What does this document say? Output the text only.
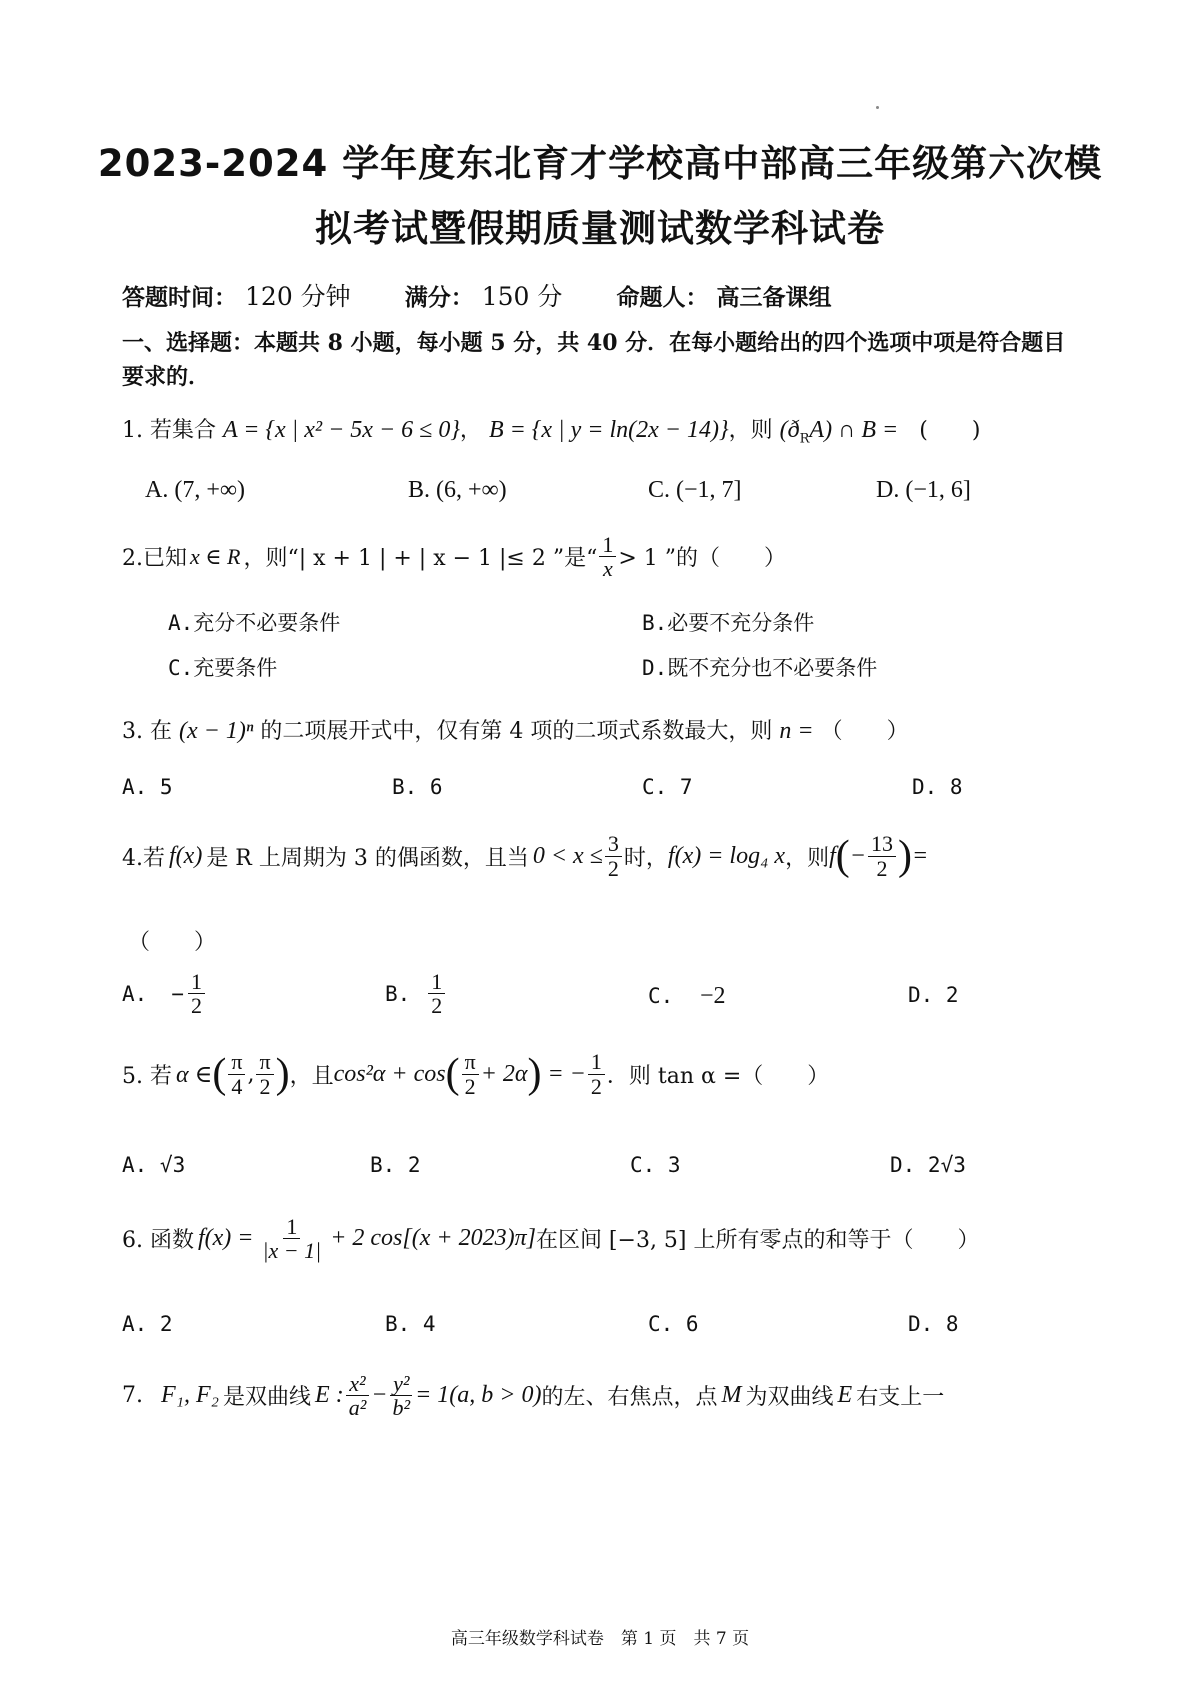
2023-2024 学年度东北育才学校高中部高三年级第六次模
拟考试暨假期质量测试数学科试卷
答题时间： 120 分钟 满分： 150 分 命题人： 高三备课组
一、选择题：本题共 8 小题，每小题 5 分，共 40 分．在每小题给出的四个选项中项是符合题目要求的．
1. 若集合 A = {x | x² − 5x − 6 ≤ 0}， B = {x | y = ln(2x − 14)}，则 $(ð_RA)$ ∩ B = (　　)
A. (7, +∞)	B. (6, +∞)	C. (−1, 7]	D. (−1, 6]
2.已知 x ∈ R ，则“| x + 1 | + | x − 1 |≤ 2 ”是“ $\frac{1}{x} > 1$ ”的（　　）
A.充分不必要条件	B.必要不充分条件
C.充要条件	D.既不充分也不必要条件
3. 在 (x − 1)ⁿ 的二项展开式中，仅有第 4 项的二项式系数最大，则 n = （　　）
A. 5	B. 6	C. 7	D. 8
4.若 f(x) 是 R 上周期为 3 的偶函数，且当 $0 < x \le \frac{3}{2}$ 时， f(x) = log₄ x ，则 f ( − $\frac{13}{2}$ ) =
（　　）
A. − $\frac{1}{2}$	B. $\frac{1}{2}$	C. −2	D. 2
5. 若 α ∈ ( π
4 , π
2 ) ，且 cos²α + cos ( π
2 + 2α ) = − $\frac{1}{2}$ ．则 tan α =（　　）
A. √3	B. 2	C. 3	D. 2√3
6. 函数 $f(x) = \frac{1}{|x - 1|} + 2$ cos[(x + 2023)π] 在区间 [−3, 5] 上所有零点的和等于（　　）
A. 2	B. 4	C. 6	D. 8
7. F₁, F₂ 是双曲线 E : x²
$a^2 - \frac{\text{y²}}{\text{b²}} = 1(a$, b > 0) 的左、右焦点，点 M 为双曲线 E 右支上一
高三年级数学科试卷　第 1 页　共 7 页
